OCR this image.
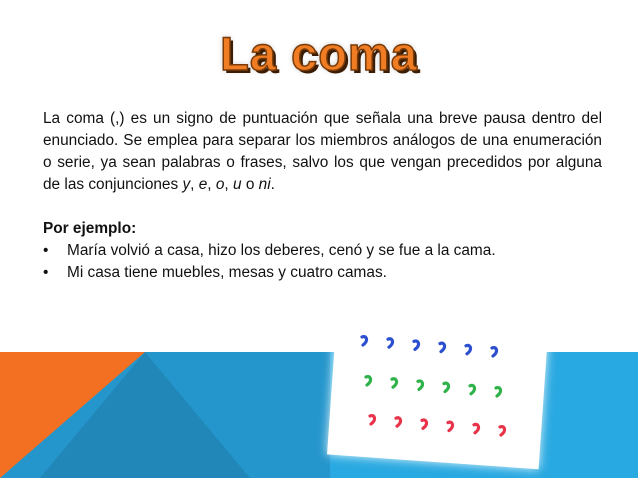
La coma

La coma (,) es un signo de puntuación que señala una breve pausa dentro del enunciado. Se emplea para separar los miembros análogos de una enumeración o serie, ya sean palabras o frases, salvo los que vengan precedidos por alguna de las conjunciones y, e, o, u o ni.

Por ejemplo:

• María volvió a casa, hizo los deberes, cenó y se fue a la cama.
• Mi casa tiene muebles, mesas y cuatro camas.
